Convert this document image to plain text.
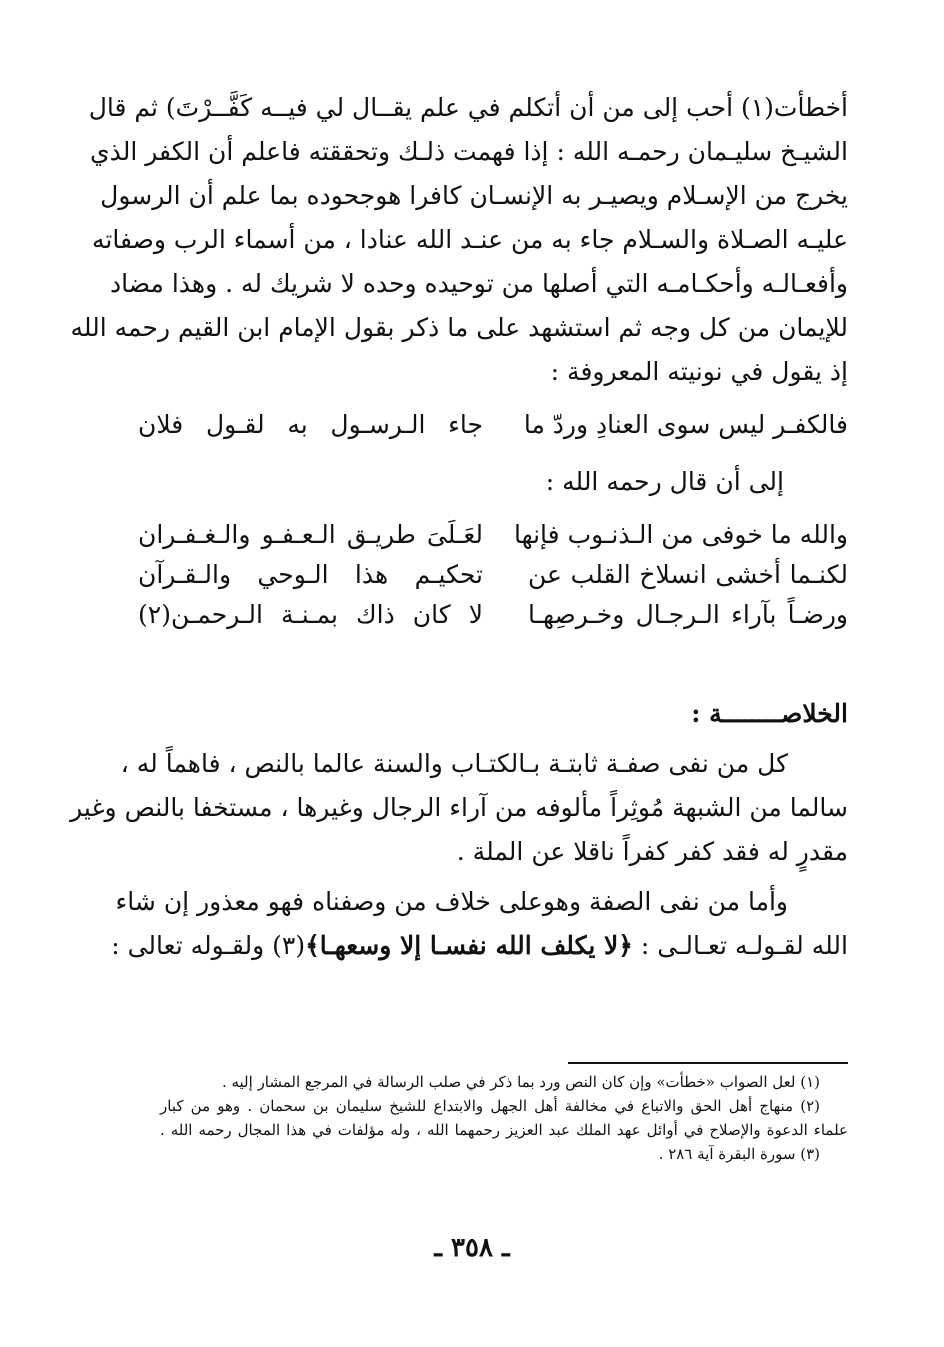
أخطأت(١) أحب إلى من أن أتكلم في علم يقــال لي فيــه كَفَّــرْتَ) ثم قال
الشيـخ سليـمان رحمـه الله : إذا فهمت ذلـك وتحققته فاعلم أن الكفر الذي
يخرج من الإسـلام ويصيـر به الإنسـان كافرا هوجحوده بما علم أن الرسول
عليـه الصـلاة والسـلام جاء به من عنـد الله عنادا ، من أسماء الرب وصفاته
وأفعـالـه وأحكـامـه التي أصلها من توحيده وحده لا شريك له . وهذا مضاد
للإيمان من كل وجه ثم استشهد على ما ذكر بقول الإمام ابن القيم رحمه الله
إذ يقول في نونيته المعروفة :
فالكفـر ليس سوى العنادِ وردّ ما
جاء الـرسـول به لقـول فلان
إلى أن قال رحمه الله :
والله ما خوفى من الـذنـوب فإنها
لعَـلَىَ طريـق الـعـفـو والـغـفـران
لكنـما أخشى انسلاخ القلب عن
تحكيـم هذا الـوحي والـقـرآن
ورضـاً بآراء الـرجـال وخـرصِهـا
لا كان ذاك بمـنـة الـرحمـن(٢)
الخلاصــــــــة :
كل من نفى صفـة ثابتـة بـالكتـاب والسنة عالما بالنص ، فاهماً له ،
سالما من الشبهة مُوثِراً مألوفه من آراء الرجال وغيرها ، مستخفا بالنص وغير
مقدرٍ له فقد كفر كفراً ناقلا عن الملة .
وأما من نفى الصفة وهوعلى خلاف من وصفناه فهو معذور إن شاء
الله لقـولـه تعـالـى : ﴿لا يكلف الله نفسـا إلا وسعهـا﴾(٣) ولقـوله تعالى :
(١) لعل الصواب «خطأت» وإن كان النص ورد بما ذكر في صلب الرسالة في المرجع المشار إليه .
(٢) منهاج أهل الحق والاتباع في مخالفة أهل الجهل والابتداع للشيخ سليمان بن سحمان . وهو من كبار
علماء الدعوة والإصلاح في أوائل عهد الملك عبد العزيز رحمهما الله ، وله مؤلفات في هذا المجال رحمه الله .
(٣) سورة البقرة آية ٢٨٦ .
ـ ٣٥٨ ـ
